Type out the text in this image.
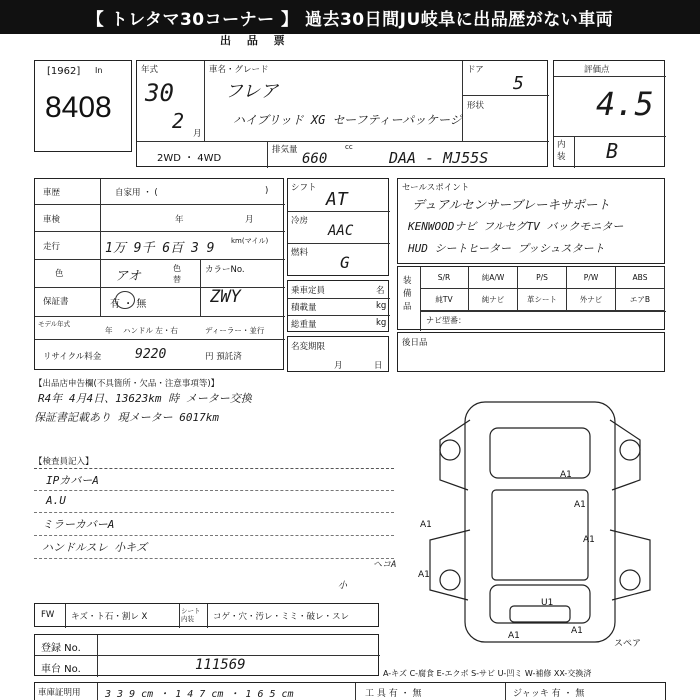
【 トレタマ30コーナー 】 過去30日間JU岐阜に出品歴がない車両
出 品 票
[1962] In
8408
年式
30
2
月
車名・グレード
フレア
ハイブリッド XG セーフティーパッケージ
ドア
5
形状
2WD ・ 4WD
排気量
660
cc
DAA - MJ55S
評価点
4.5
内装 B
車歴	自家用 ・ (	)
車検	年	月
走行	1万 9千 6百 3 9 km(マイル)
色	アオ
色替
カラーNo.
ZWY
保証書	有 ・ 無
モデル年式
年 ハンドル 左・右	ディーラー・並行
リサイクル料金	9220	円 預託済
シフト
AT
冷房
AAC
燃料 G
乗車定員	名
積載量	kg
総重量	kg
名変期限
月	日
セールスポイント
デュアルセンサーブレーキサポート
KENWOODナビ フルセグTV バックモニター
HUD シートヒーター プッシュスタート
装備品
S/R	純A/W	P/S	P/W	ABS
純TV	純ナビ	革シート	外ナビ	エアB
ナビ型番：
後日品
【出品店申告欄(不具箇所・欠品・注意事項等)】
R4年 4月4日、13623km 時 メーター交換
保証書記載あり 現メーター 6017km
【検査員記入】
IPカバーA
A.U
ミラーカバーA
ハンドルスレ 小キズ
A1
A1
A1
A1
A1
U1
A1
A1
ヘコA
小
スペア
FW キズ・ト石・割レ X
シート内装	コゲ・穴・汚レ・ミミ・破レ・スレ
登録 No.
車台 No.	111569
A-キズ C-腐食 E-エクボ S-サビ U-凹ミ W-補修 XX-交換済
車庫証明用 3 3 9 cm ・ 1 4 7 cm ・ 1 6 5 cm	工 具 有 ・ 無	ジャッキ 有 ・ 無
